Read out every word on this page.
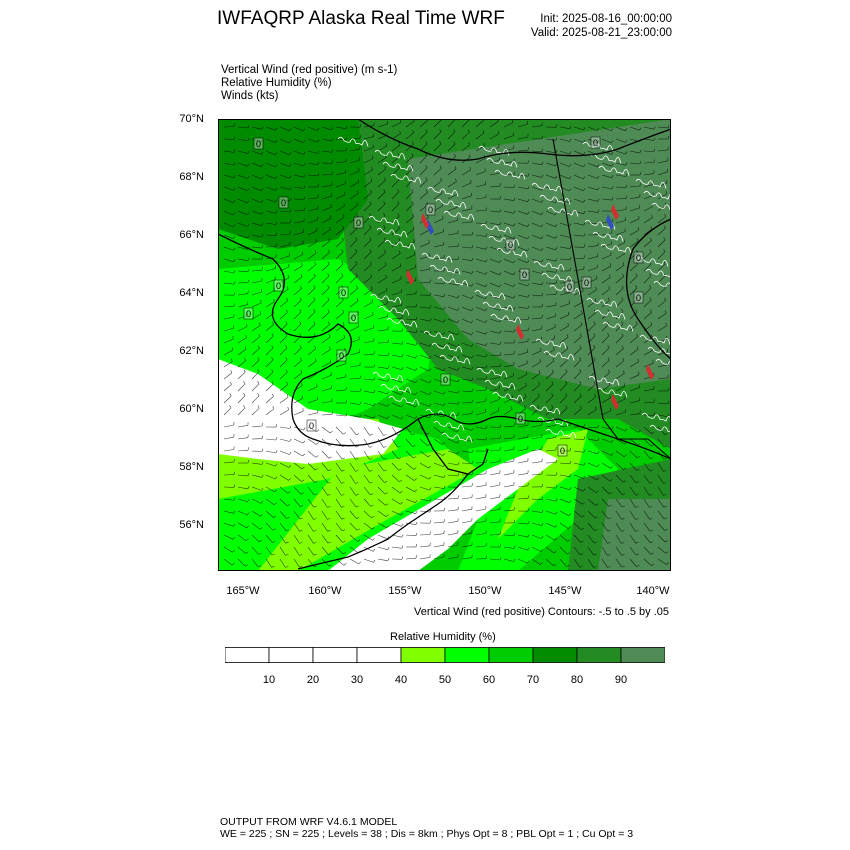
IWFAQRP Alaska Real Time WRF	Init: 2025-08-16_00:00:00
Valid: 2025-08-21_23:00:00
Vertical Wind (red positive) (m s-1)
Relative Humidity (%)
Winds (kts)
0
0
0
0
0
0
0 0
0
0
0
0
0
0
0
0
0
0
0
0
70°N
68°N
66°N
64°N
62°N
60°N
58°N
56°N
165°W	160°W	155°W	150°W	145°W	140°W
Vertical Wind (red positive) Contours: -.5 to .5 by .05
Relative Humidity (%)
10	20	30	40	50	60	70	80	90
OUTPUT FROM WRF V4.6.1 MODEL
WE = 225 ; SN = 225 ; Levels = 38 ; Dis = 8km ; Phys Opt = 8 ; PBL Opt = 1 ; Cu Opt = 3
